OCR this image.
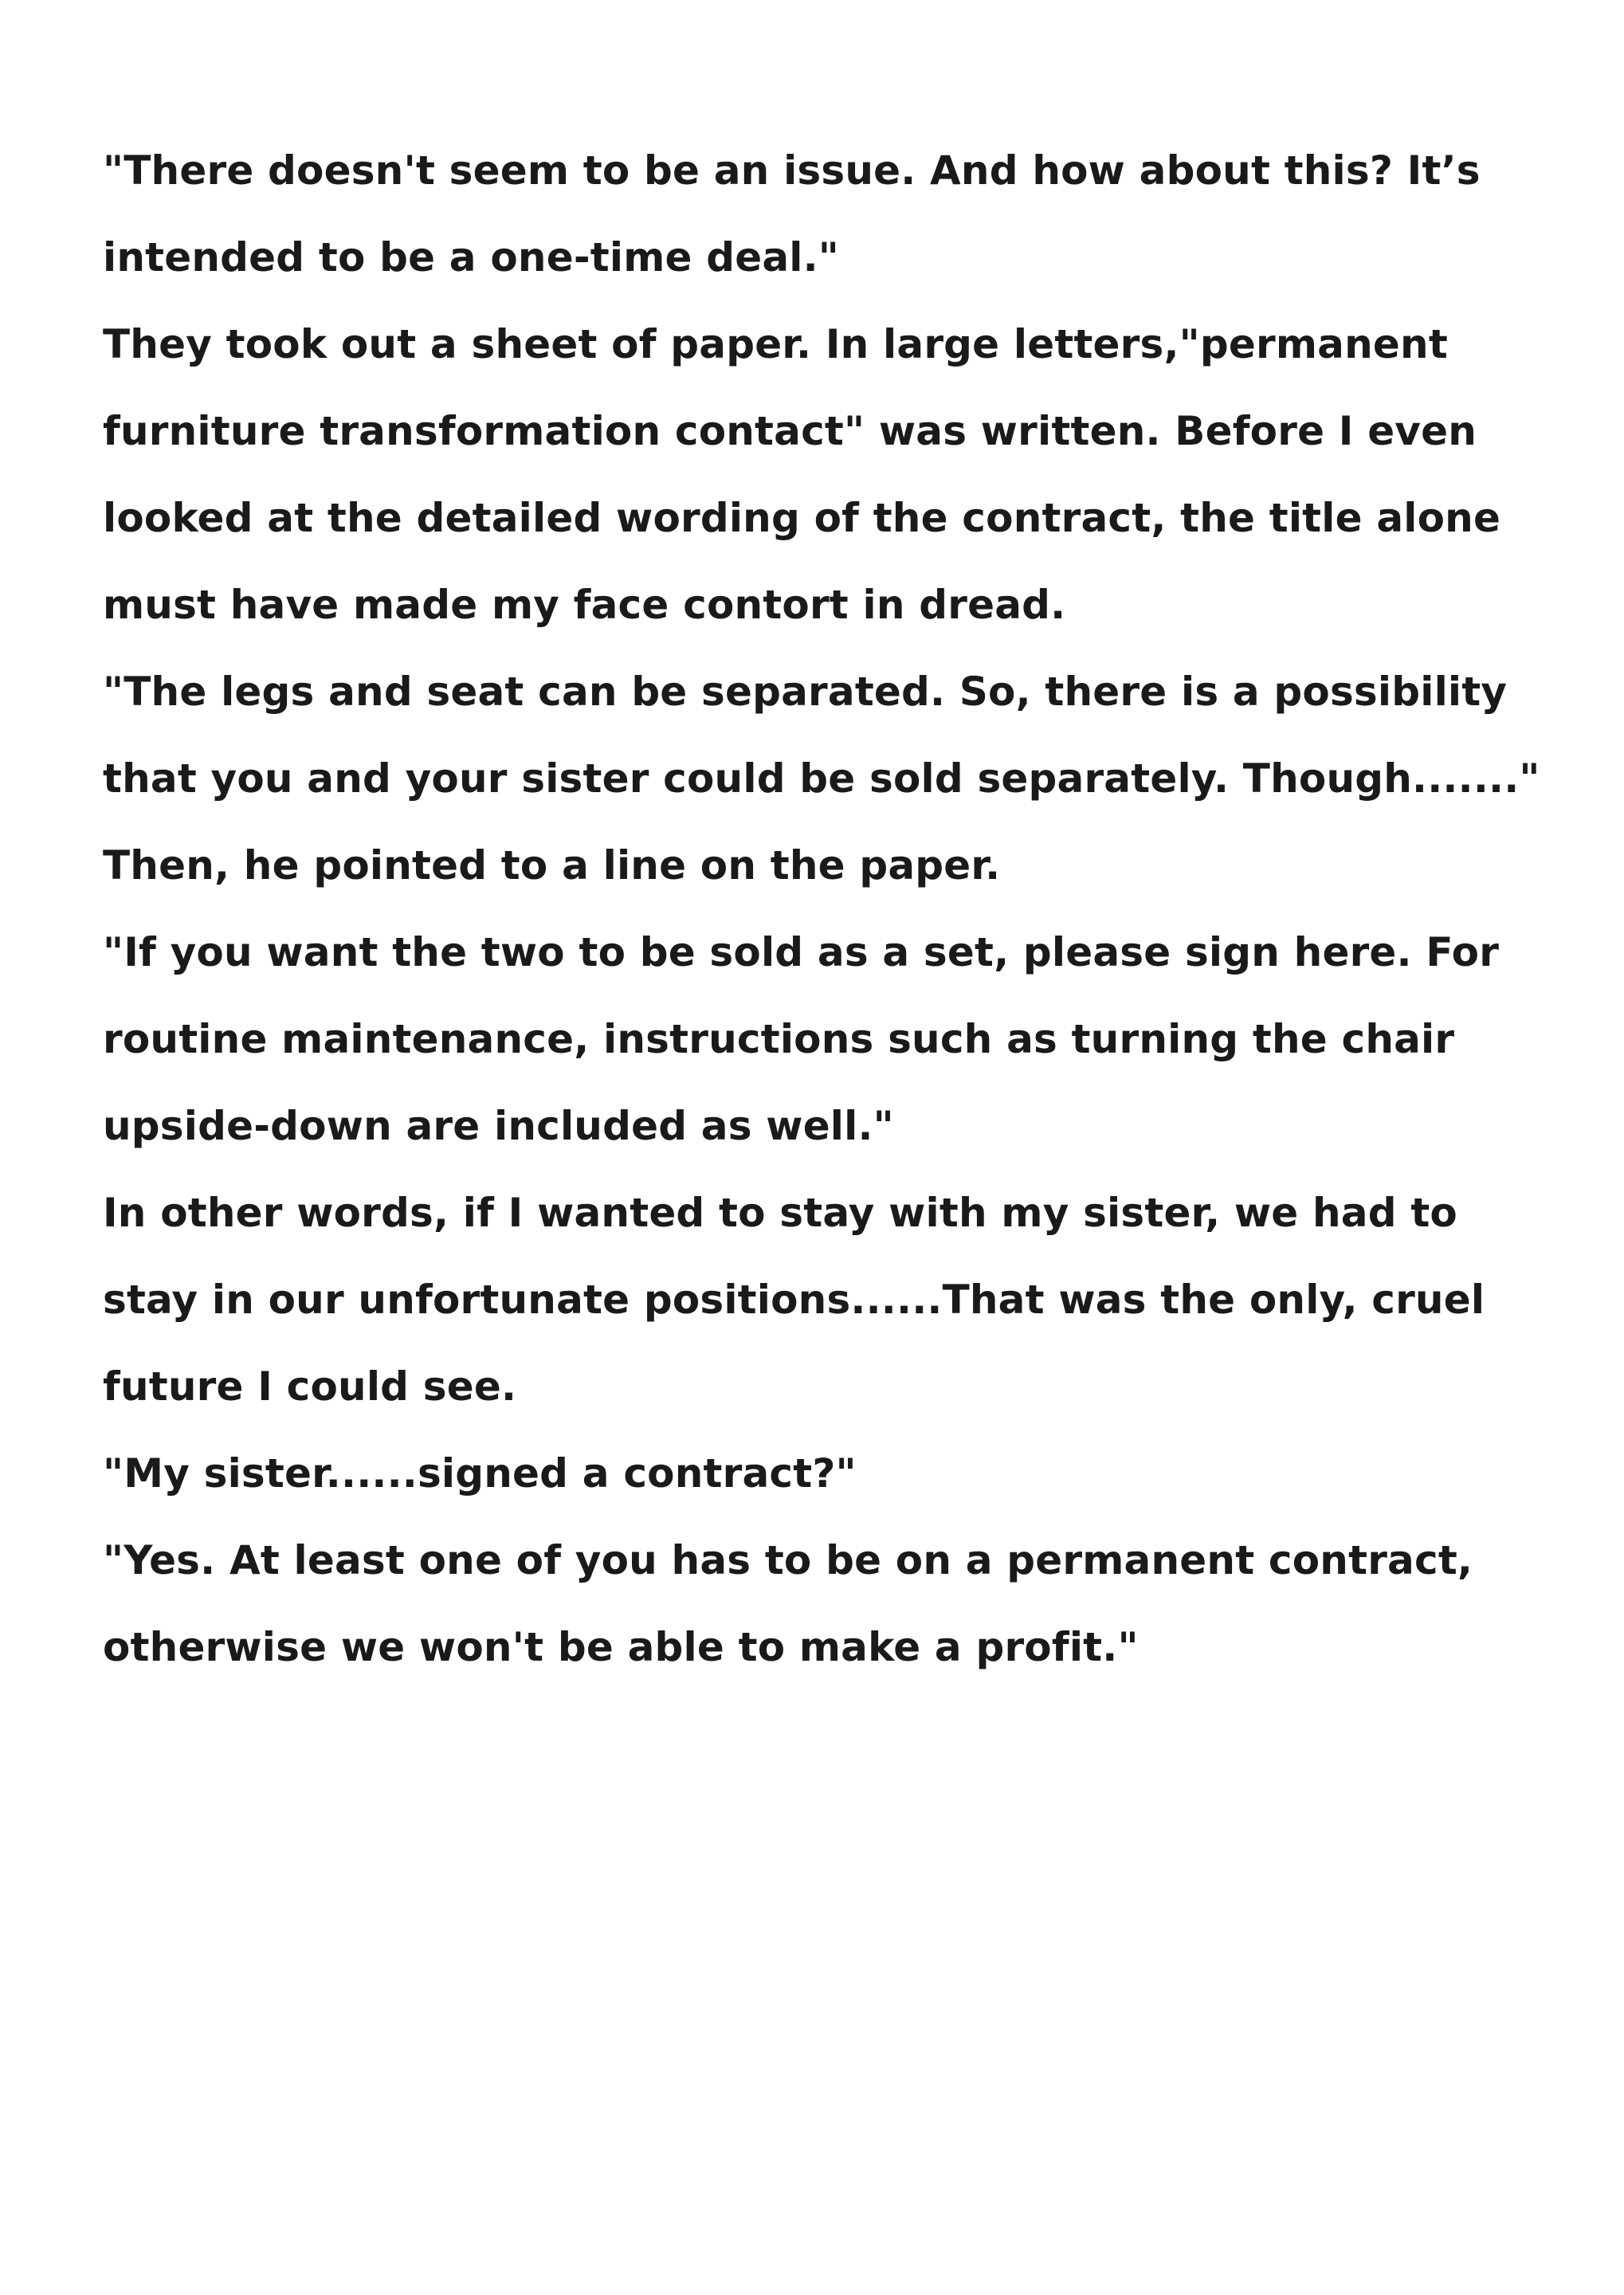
"There doesn't seem to be an issue. And how about this? It’s intended to be a one-time deal."

They took out a sheet of paper. In large letters,"permanent furniture transformation contact" was written. Before I even looked at the detailed wording of the contract, the title alone must have made my face contort in dread.

"The legs and seat can be separated. So, there is a possibility that you and your sister could be sold separately. Though......."

Then, he pointed to a line on the paper.

"If you want the two to be sold as a set, please sign here. For routine maintenance, instructions such as turning the chair upside-down are included as well."

In other words, if I wanted to stay with my sister, we had to stay in our unfortunate positions......That was the only, cruel future I could see.

"My sister......signed a contract?"

"Yes. At least one of you has to be on a permanent contract, otherwise we won't be able to make a profit."
